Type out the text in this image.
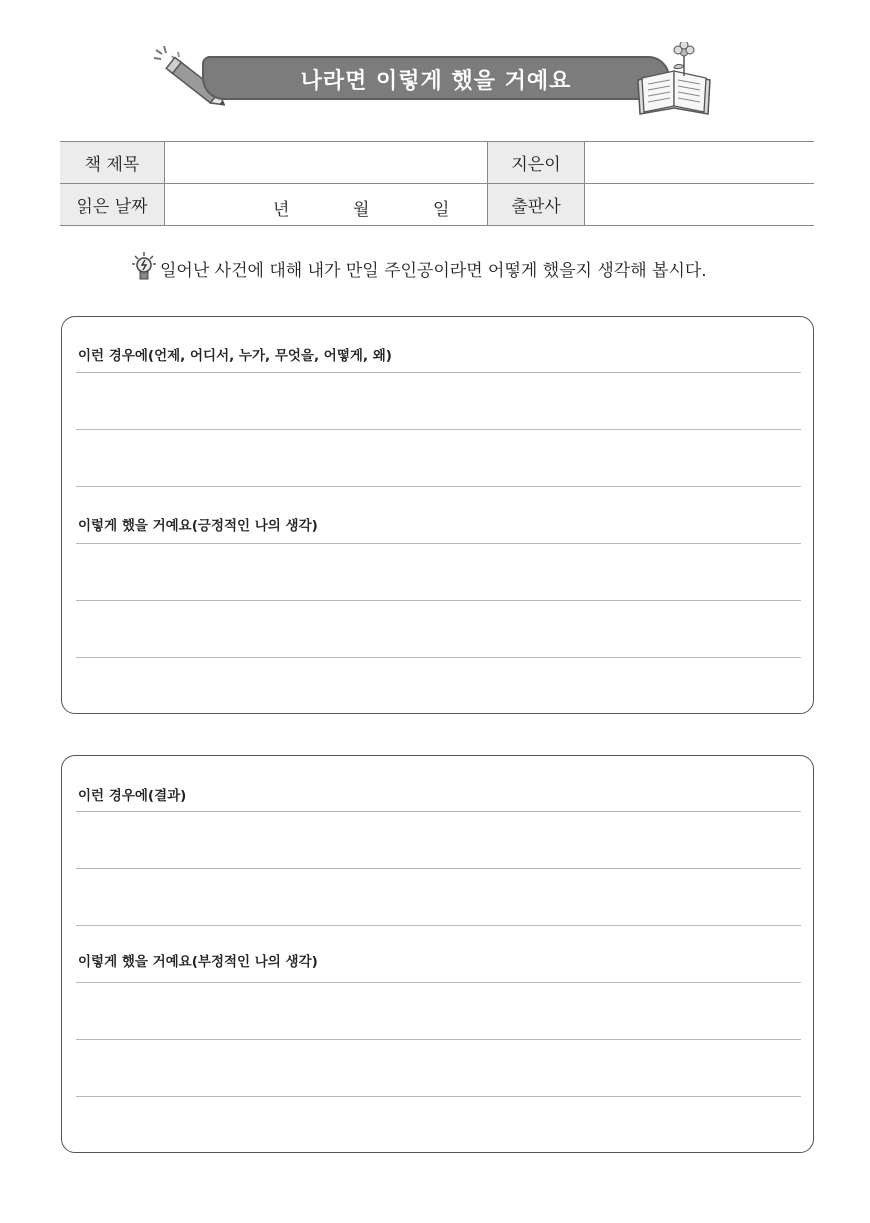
나라면 이렇게 했을 거예요
책 제목		지은이	
읽은 날짜	년 월 일	출판사	
일어난 사건에 대해 내가 만일 주인공이라면 어떻게 했을지 생각해 봅시다.
이런 경우에(언제, 어디서, 누가, 무엇을, 어떻게, 왜)
이렇게 했을 거예요(긍정적인 나의 생각)
이런 경우에(결과)
이렇게 했을 거예요(부정적인 나의 생각)
